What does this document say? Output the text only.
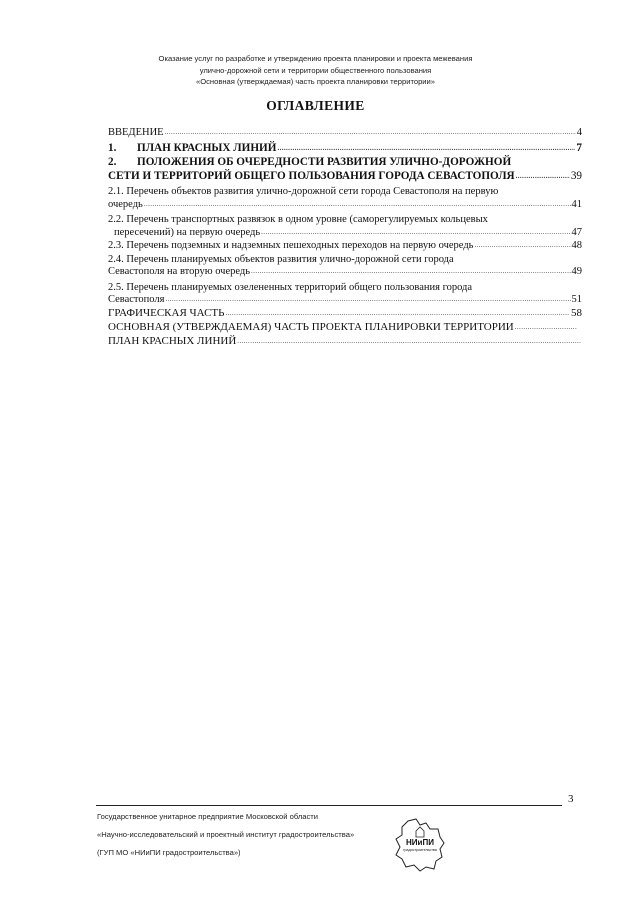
Оказание услуг по разработке и утверждению проекта планировки и проекта межевания
улично-дорожной сети и территории общественного пользования
«Основная (утверждаемая) часть проекта планировки территории»
ОГЛАВЛЕНИЕ
ВВЕДЕНИЕ .....	4
1. ПЛАН КРАСНЫХ ЛИНИЙ .....	7
2. ПОЛОЖЕНИЯ ОБ ОЧЕРЕДНОСТИ РАЗВИТИЯ УЛИЧНО-ДОРОЖНОЙ
СЕТИ И ТЕРРИТОРИЙ ОБЩЕГО ПОЛЬЗОВАНИЯ ГОРОДА СЕВАСТОПОЛЯ .....	39
2.1. Перечень объектов развития улично-дорожной сети города Севастополя на первую
очередь .....	41
2.2. Перечень транспортных развязок в одном уровне (саморегулируемых кольцевых
пересечений) на первую очередь .....	47
2.3. Перечень подземных и надземных пешеходных переходов на первую очередь .....	48
2.4. Перечень планируемых объектов развития улично-дорожной сети города
Севастополя на вторую очередь .....	49
2.5. Перечень планируемых озелененных территорий общего пользования города
Севастополя .....	51
ГРАФИЧЕСКАЯ ЧАСТЬ .....	58
ОСНОВНАЯ (УТВЕРЖДАЕМАЯ) ЧАСТЬ ПРОЕКТА ПЛАНИРОВКИ ТЕРРИТОРИИ
.....
ПЛАН КРАСНЫХ ЛИНИЙ
.....
3
Государственное унитарное предприятие Московской области
«Научно-исследовательский и проектный институт градостроительства»
(ГУП МО «НИиПИ градостроительства»)
НИиПИ
градостроительства
